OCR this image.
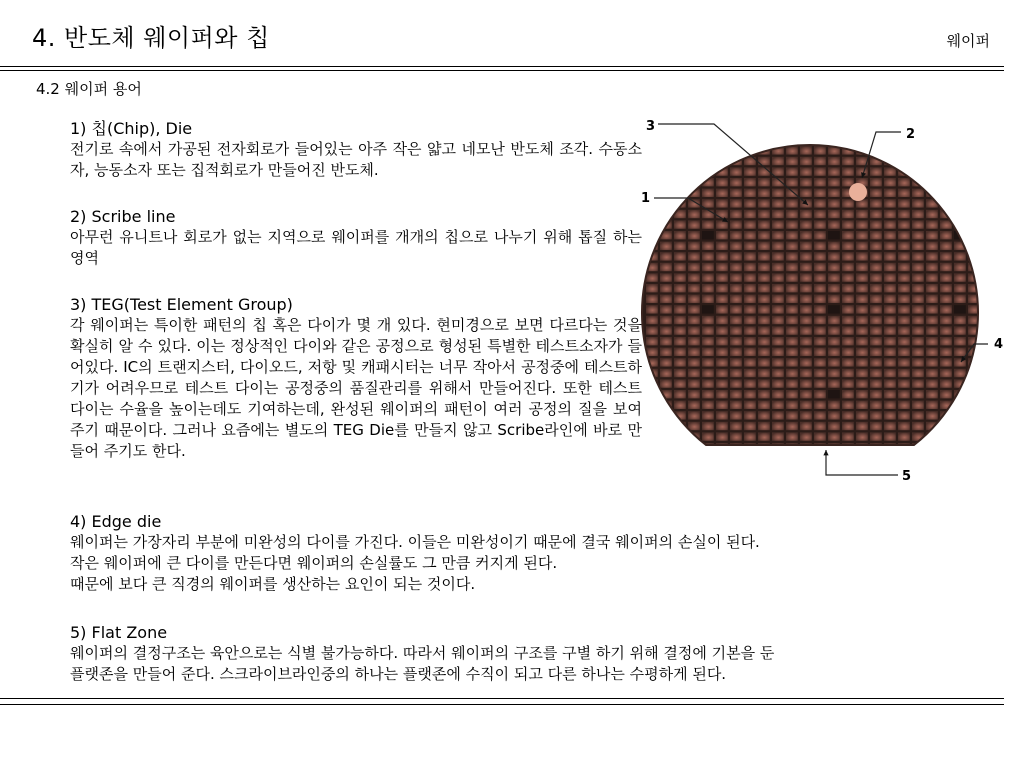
4. 반도체 웨이퍼와 칩	웨이퍼
4.2 웨이퍼 용어
1) 칩(Chip), Die

전기로 속에서 가공된 전자회로가 들어있는 아주 작은 얇고 네모난 반도체 조각. 수동소자, 능동소자 또는 집적회로가 만들어진 반도체.

2) Scribe line

아무런 유니트나 회로가 없는 지역으로 웨이퍼를 개개의 칩으로 나누기 위해 톱질 하는 영역

3) TEG(Test Element Group)

각 웨이퍼는 특이한 패턴의 칩 혹은 다이가 몇 개 있다. 현미경으로 보면 다르다는 것을 확실히 알 수 있다. 이는 정상적인 다이와 같은 공정으로 형성된 특별한 테스트소자가 들어있다. IC의 트랜지스터, 다이오드, 저항 및 캐패시터는 너무 작아서 공정중에 테스트하기가 어려우므로 테스트 다이는 공정중의 품질관리를 위해서 만들어진다. 또한 테스트 다이는 수율을 높이는데도 기여하는데, 완성된 웨이퍼의 패턴이 여러 공정의 질을 보여주기 때문이다. 그러나 요즘에는 별도의 TEG Die를 만들지 않고 Scribe라인에 바로 만들어 주기도 한다.

4) Edge die

웨이퍼는 가장자리 부분에 미완성의 다이를 가진다. 이들은 미완성이기 때문에 결국 웨이퍼의 손실이 된다.

작은 웨이퍼에 큰 다이를 만든다면 웨이퍼의 손실률도 그 만큼 커지게 된다.

때문에 보다 큰 직경의 웨이퍼를 생산하는 요인이 되는 것이다.

5) Flat Zone

웨이퍼의 결정구조는 육안으로는 식별 불가능하다. 따라서 웨이퍼의 구조를 구별 하기 위해 결정에 기본을 둔

플랫존을 만들어 준다. 스크라이브라인중의 하나는 플랫존에 수직이 되고 다른 하나는 수평하게 된다.

1
2
3
4
5
